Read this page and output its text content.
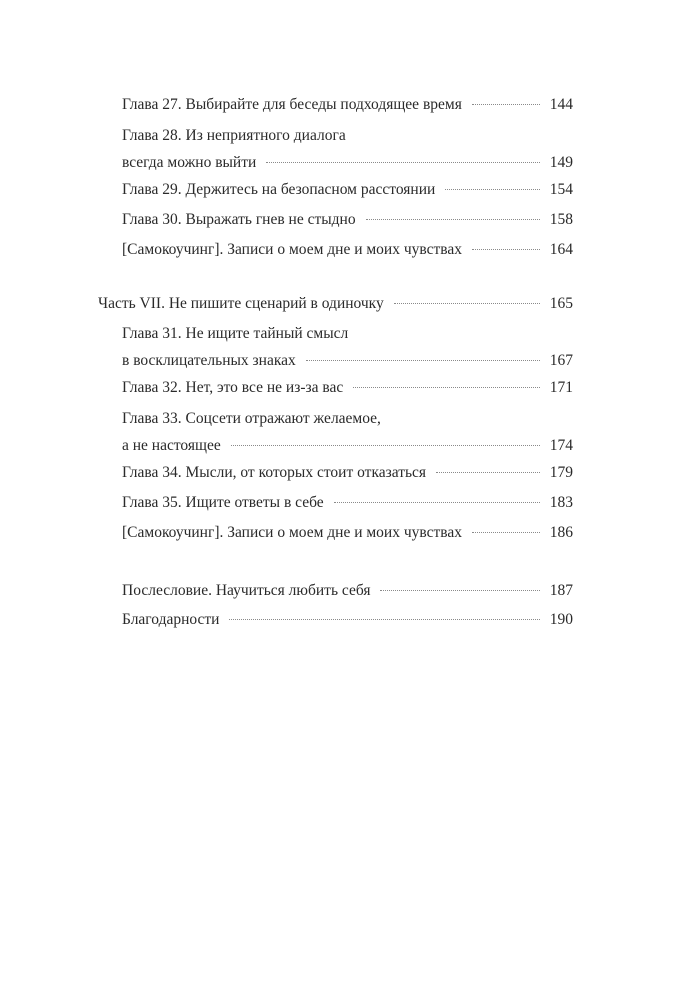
Глава 27. Выбирайте для беседы подходящее время	144
Глава 28. Из неприятного диалога
всегда можно выйти	149
Глава 29. Держитесь на безопасном расстоянии	154
Глава 30. Выражать гнев не стыдно	158
[Самокоучинг]. Записи о моем дне и моих чувствах	164
Часть VII. Не пишите сценарий в одиночку	165
Глава 31. Не ищите тайный смысл
в восклицательных знаках	167
Глава 32. Нет, это все не из-за вас	171
Глава 33. Соцсети отражают желаемое,
а не настоящее	174
Глава 34. Мысли, от которых стоит отказаться	179
Глава 35. Ищите ответы в себе	183
[Самокоучинг]. Записи о моем дне и моих чувствах	186
Послесловие. Научиться любить себя	187
Благодарности	190
